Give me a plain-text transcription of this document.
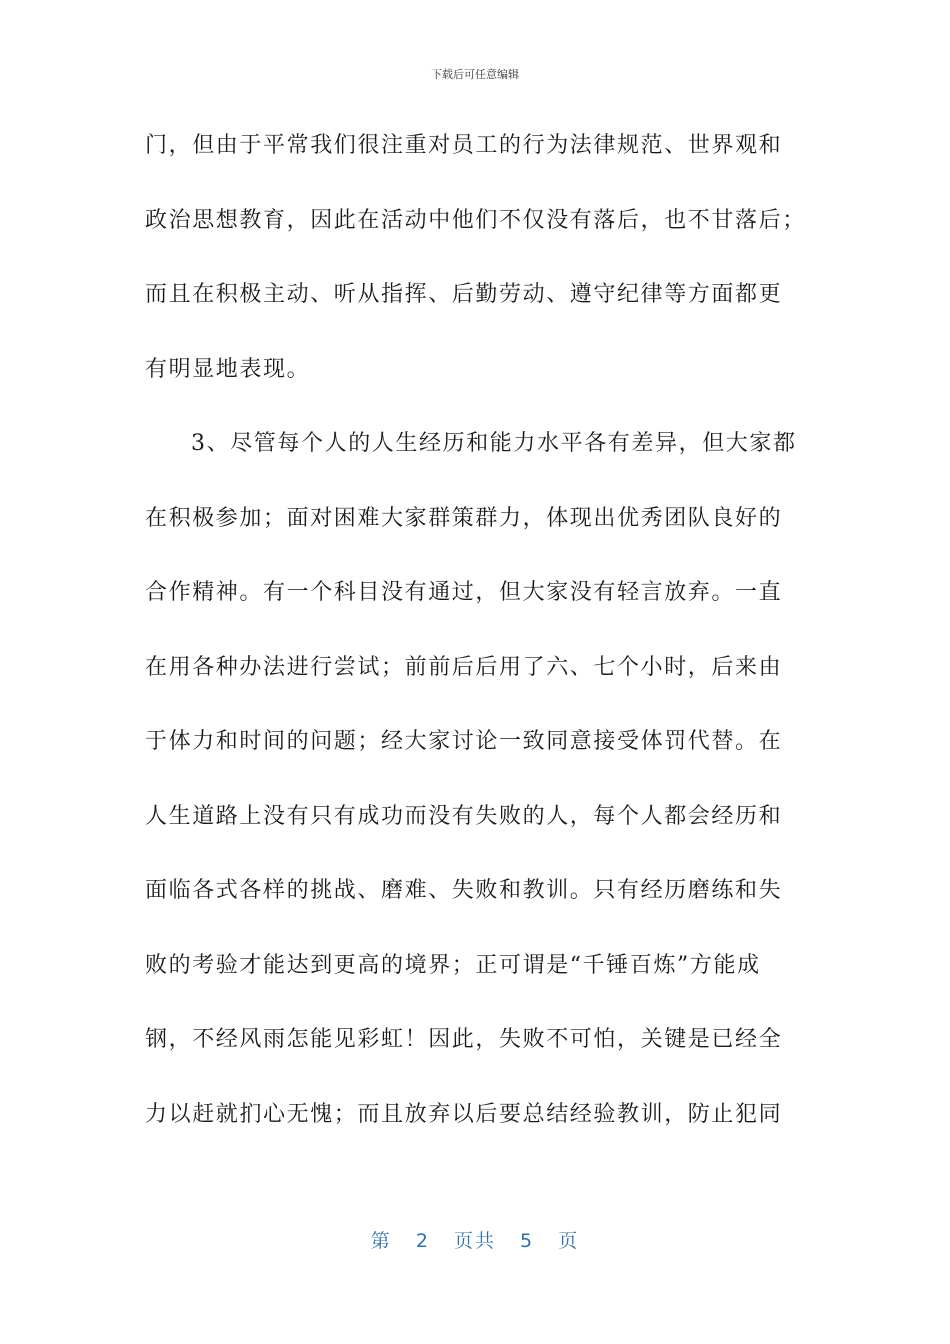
下载后可任意编辑
门，但由于平常我们很注重对员工的行为法律规范、世界观和
政治思想教育，因此在活动中他们不仅没有落后，也不甘落后；
而且在积极主动、听从指挥、后勤劳动、遵守纪律等方面都更
有明显地表现。
3、尽管每个人的人生经历和能力水平各有差异，但大家都
在积极参加；面对困难大家群策群力，体现出优秀团队良好的
合作精神。有一个科目没有通过，但大家没有轻言放弃。一直
在用各种办法进行尝试；前前后后用了六、七个小时，后来由
于体力和时间的问题；经大家讨论一致同意接受体罚代替。在
人生道路上没有只有成功而没有失败的人，每个人都会经历和
面临各式各样的挑战、磨难、失败和教训。只有经历磨练和失
败的考验才能达到更高的境界；正可谓是“千锤百炼”方能成
钢，不经风雨怎能见彩虹！因此，失败不可怕，关键是已经全
力以赶就扪心无愧；而且放弃以后要总结经验教训，防止犯同
第 2 页共 5 页
